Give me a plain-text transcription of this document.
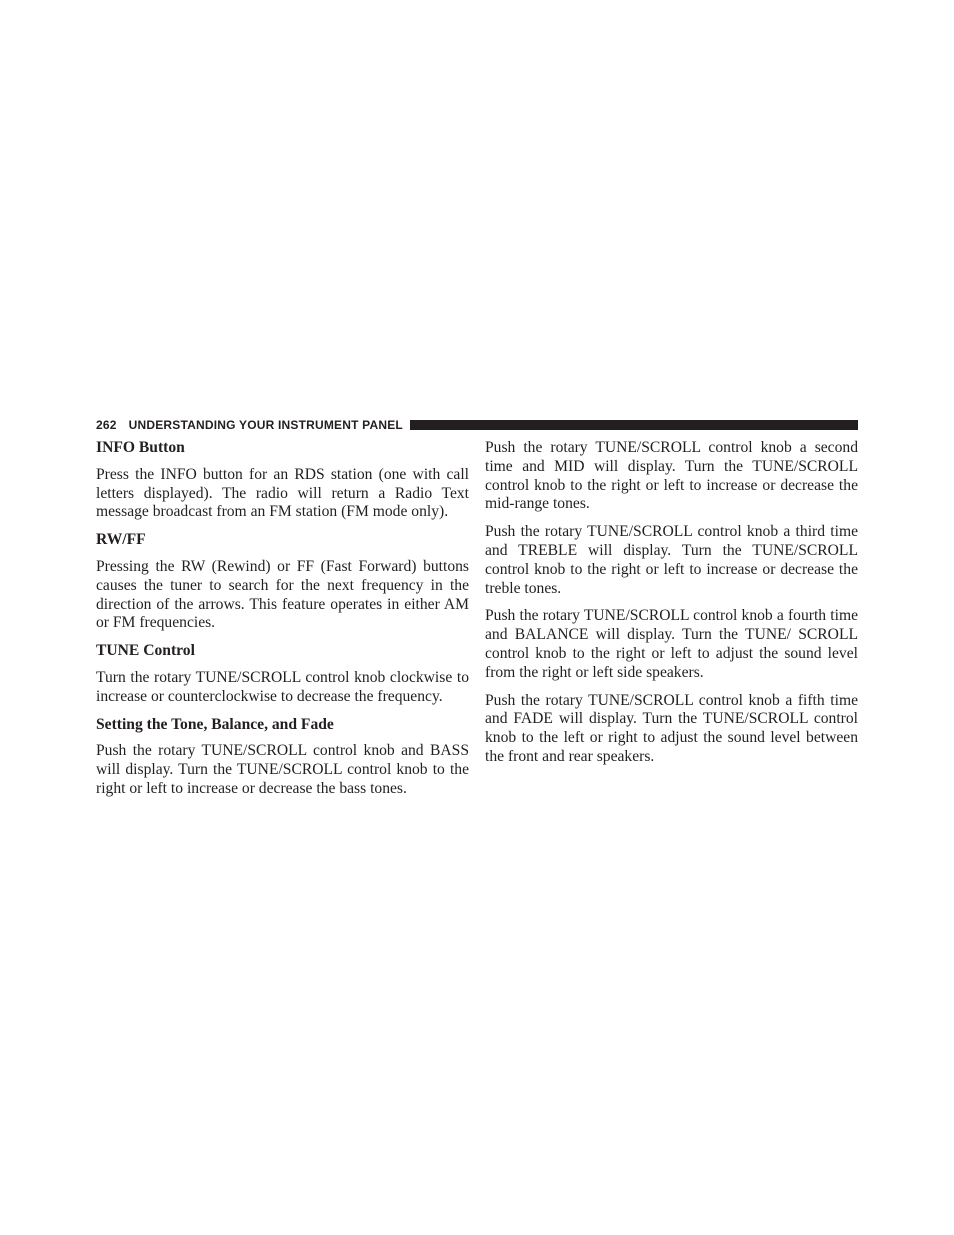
262 UNDERSTANDING YOUR INSTRUMENT PANEL
INFO Button

Press the INFO button for an RDS station (one with call letters displayed). The radio will return a Radio Text message broadcast from an FM station (FM mode only).

RW/FF

Pressing the RW (Rewind) or FF (Fast Forward) buttons causes the tuner to search for the next frequency in the direction of the arrows. This feature operates in either AM or FM frequencies.

TUNE Control

Turn the rotary TUNE/SCROLL control knob clockwise to increase or counterclockwise to decrease the frequency.

Setting the Tone, Balance, and Fade

Push the rotary TUNE/SCROLL control knob and BASS will display. Turn the TUNE/SCROLL control knob to the right or left to increase or decrease the bass tones.

Push the rotary TUNE/SCROLL control knob a second time and MID will display. Turn the TUNE/SCROLL control knob to the right or left to increase or decrease the mid-range tones.

Push the rotary TUNE/SCROLL control knob a third time and TREBLE will display. Turn the TUNE/SCROLL control knob to the right or left to increase or decrease the treble tones.

Push the rotary TUNE/SCROLL control knob a fourth time and BALANCE will display. Turn the TUNE/ SCROLL control knob to the right or left to adjust the sound level from the right or left side speakers.

Push the rotary TUNE/SCROLL control knob a fifth time and FADE will display. Turn the TUNE/SCROLL control knob to the left or right to adjust the sound level between the front and rear speakers.
